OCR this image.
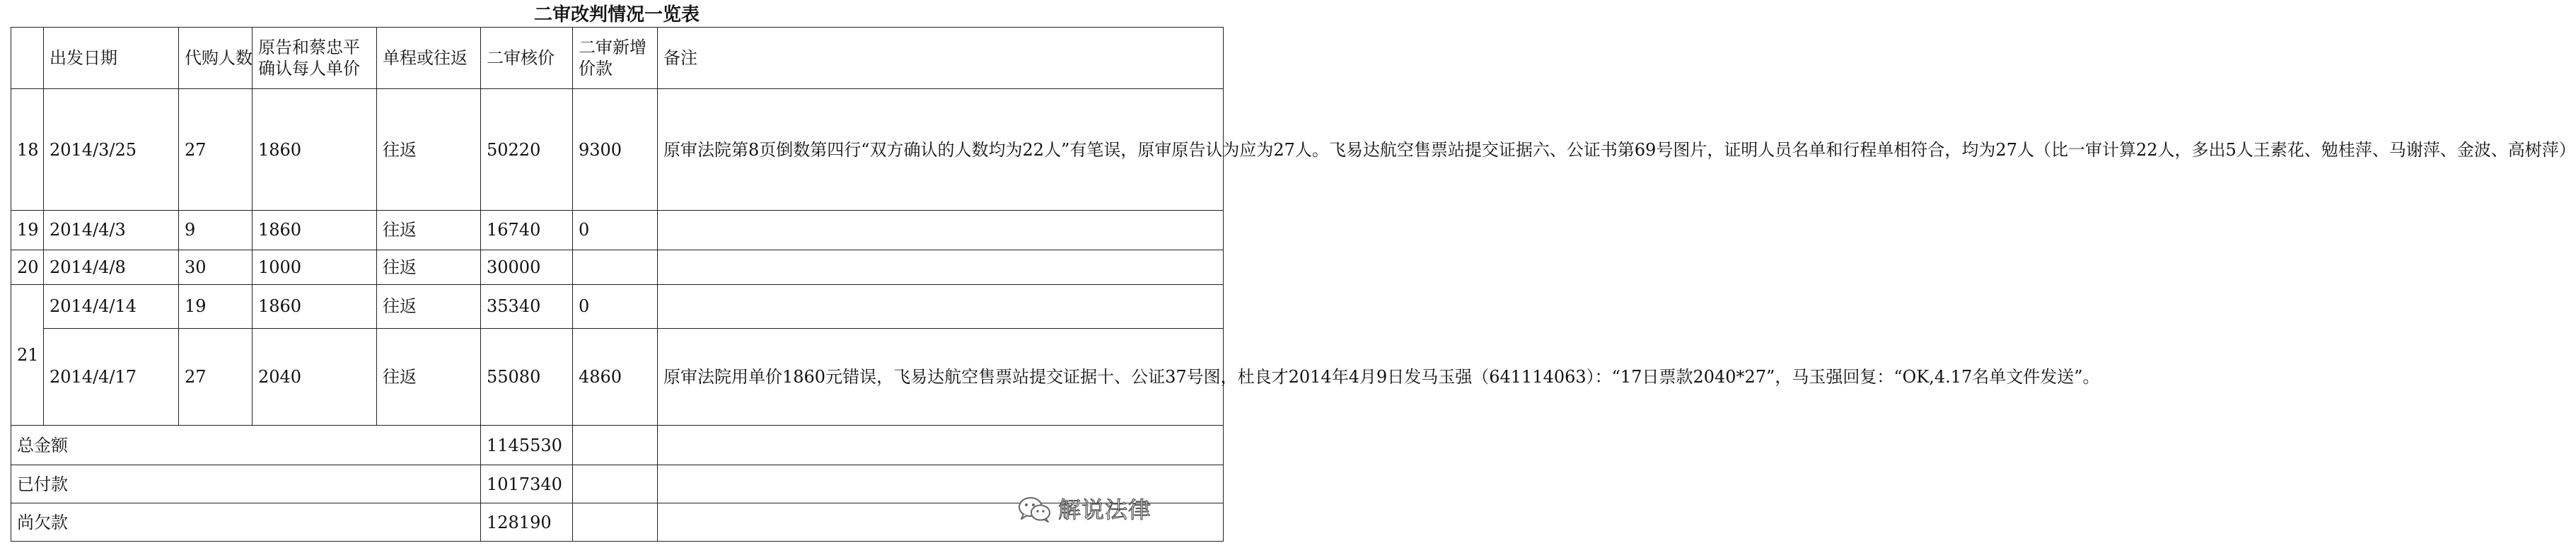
二审改判情况一览表
	出发日期	代购人数	原告和蔡忠平确认每人单价	单程或往返	二审核价	二审新增价款	备注
18	2014/3/25	27	1860	往返	50220	9300	原审法院第8页倒数第四行“双方确认的人数均为22人”有笔误，原审原告认为应为27人。飞易达航空售票站提交证据六、公证书第69号图片，证明人员名单和行程单相符合，均为27人（比一审计算22人，多出5人王素花、勉桂萍、马谢萍、金波、高树萍）
19	2014/4/3	9	1860	往返	16740	0	
20	2014/4/8	30	1000	往返	30000		
21	2014/4/14	19	1860	往返	35340	0	
	2014/4/17	27	2040	往返	55080	4860	原审法院用单价1860元错误，飞易达航空售票站提交证据十、公证37号图，杜良才2014年4月9日发马玉强（641114063）：“17日票款2040*27”，马玉强回复：“OK,4.17名单文件发送”。
总金额					1145530		
已付款					1017340		
尚欠款					128190			解说法律
